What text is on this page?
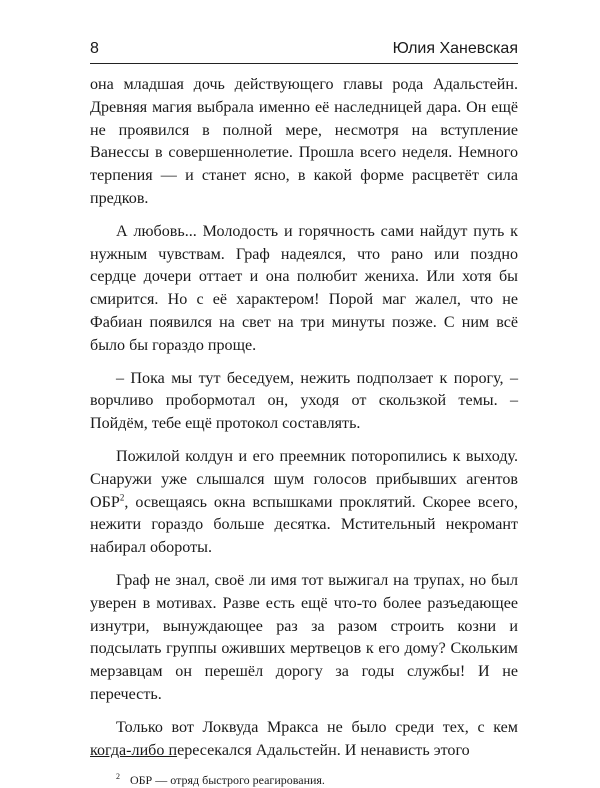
8	Юлия Ханевская

она младшая дочь действующего главы рода Адальстейн. Древняя магия выбрала именно её наследницей дара. Он ещё не проявился в полной мере, несмотря на вступление Ванессы в совершеннолетие. Прошла всего неделя. Немного терпения — и станет ясно, в какой форме расцветёт сила предков.

А любовь... Молодость и горячность сами найдут путь к нужным чувствам. Граф надеялся, что рано или поздно сердце дочери оттает и она полюбит жениха. Или хотя бы смирится. Но с её характером! Порой маг жалел, что не Фабиан появился на свет на три минуты позже. С ним всё было бы гораздо проще.

– Пока мы тут беседуем, нежить подползает к порогу, – ворчливо пробормотал он, уходя от скользкой темы. – Пойдём, тебе ещё протокол составлять.

Пожилой колдун и его преемник поторопились к выходу. Снаружи уже слышался шум голосов прибывших агентов ОБР$^2$, освещаясь окна вспышками проклятий. Скорее всего, нежити гораздо больше десятка. Мстительный некромант набирал обороты.

Граф не знал, своё ли имя тот выжигал на трупах, но был уверен в мотивах. Разве есть ещё что-то более разъедающее изнутри, вынуждающее раз за разом строить козни и подсылать группы оживших мертвецов к его дому? Скольким мерзавцам он перешёл дорогу за годы службы! И не перечесть.

Только вот Локвуда Мракса не было среди тех, с кем когда-либо пересекался Адальстейн. И ненависть этого

$^2$ ОБР — отряд быстрого реагирования.
